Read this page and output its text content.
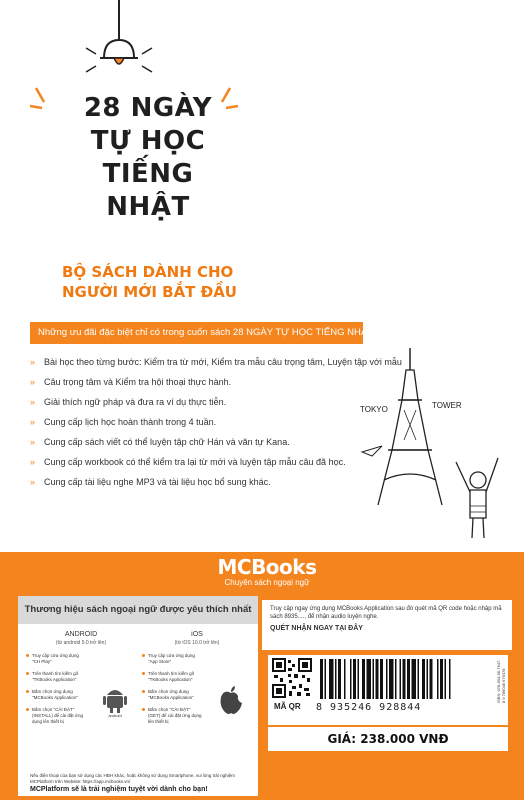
28 NGÀY
TỰ HỌC
TIẾNG
NHẬT
BỘ SÁCH DÀNH CHO
NGƯỜI MỚI BẮT ĐẦU
Những ưu đãi đặc biệt chỉ có trong cuốn sách 28 NGÀY TỰ HỌC TIẾNG NHẬT
» Bài học theo từng bước: Kiểm tra từ mới, Kiểm tra mẫu câu trọng tâm, Luyện tập với mẫu
» Câu trọng tâm và Kiểm tra hội thoại thực hành.
» Giải thích ngữ pháp và đưa ra ví dụ thực tiễn.
» Cung cấp lịch học hoàn thành trong 4 tuần.
» Cung cấp sách viết có thể luyện tập chữ Hán và văn tự Kana.
» Cung cấp workbook có thể kiểm tra lại từ mới và luyện tập mẫu câu đã học.
» Cung cấp tài liệu nghe MP3 và tài liệu học bổ sung khác.
TOKYO	TOWER
MCBooks
Chuyên sách ngoại ngữ
Thương hiệu sách ngoại ngữ được yêu thích nhất
ANDROID
(từ android 5.0 trở lên)
Truy cập cửa ứng dụng "CH Play"
Trên thanh tìm kiếm gõ "TKBooks Application"
Bấm chọn ứng dụng "MCBooks Application"
Bấm chọn "CÀI ĐẶT" (INSTALL) để cài đặt ứng dụng lên thiết bị
android
iOS
(từ iOS 10.0 trở lên)
Truy cập cửa ứng dụng "App Store"
Trên thanh tìm kiếm gõ "TKBooks Application"
Bấm chọn ứng dụng "MCBooks Application"
Bấm chọn "CÀI ĐẶT" (GET) để cài đặt ứng dụng lên thiết bị
Nếu điện thoại của bạn sử dụng các HĐH khác, hoặc không sử dụng Smartphone, vui lòng trải nghiệm MCPlatform trên Website: https://app.mcbooks.vn/
MCPlatform sẽ là trải nghiệm tuyệt vời dành cho bạn!
Truy cập ngay ứng dụng MCBooks Application sau đó quét mã QR code hoặc nhập mã sách 8935...., để nhận audio luyện nghe.
QUÉT NHẬN NGAY TẠI ĐÂY
MÃ QR 8 935246 928844
ISBN: 978-604-96-7647-8 9 786049 676478
GIÁ: 238.000 VNĐ
